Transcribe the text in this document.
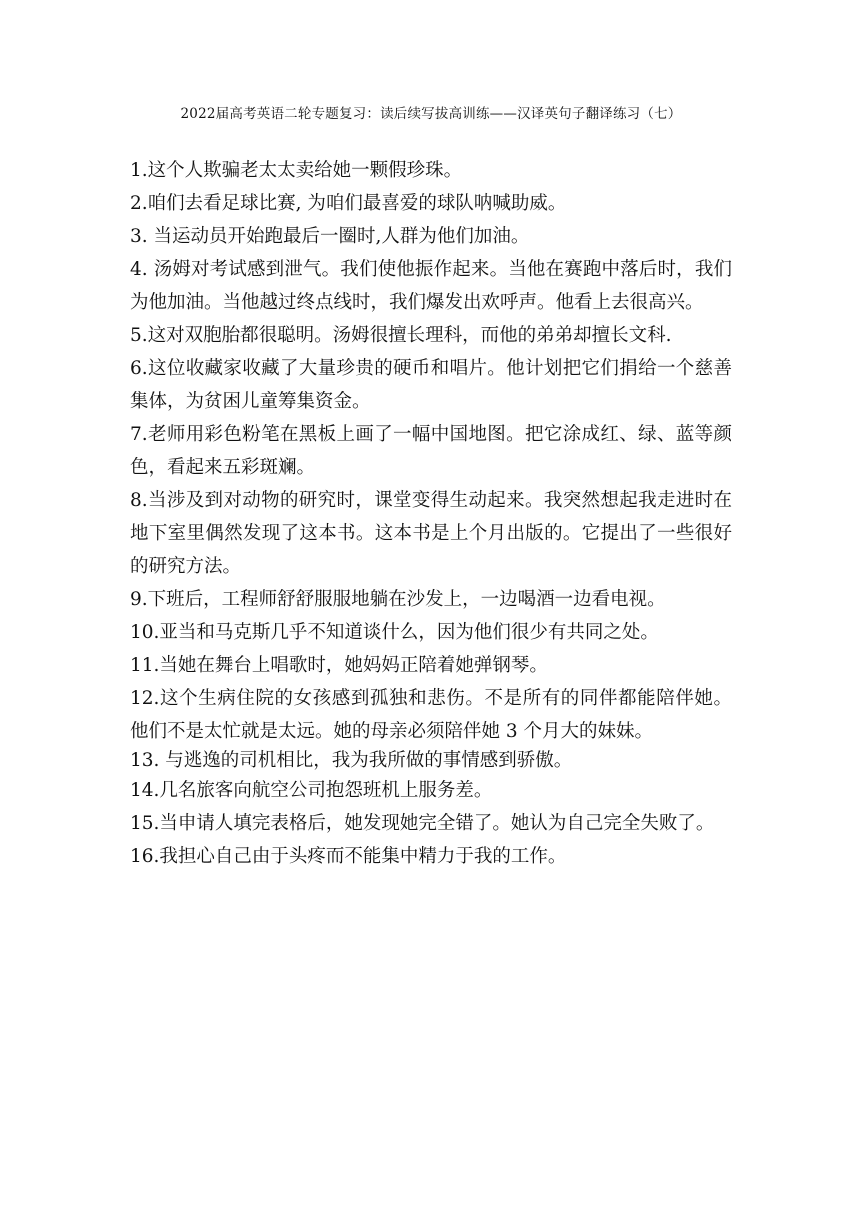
2022届高考英语二轮专题复习：读后续写拔高训练——汉译英句子翻译练习（七）

1.这个人欺骗老太太卖给她一颗假珍珠。

2.咱们去看足球比赛, 为咱们最喜爱的球队呐喊助威。

3. 当运动员开始跑最后一圈时,人群为他们加油。

4. 汤姆对考试感到泄气。我们使他振作起来。当他在赛跑中落后时，我们为他加油。当他越过终点线时，我们爆发出欢呼声。他看上去很高兴。

5.这对双胞胎都很聪明。汤姆很擅长理科，而他的弟弟却擅长文科.

6.这位收藏家收藏了大量珍贵的硬币和唱片。他计划把它们捐给一个慈善集体，为贫困儿童筹集资金。

7.老师用彩色粉笔在黑板上画了一幅中国地图。把它涂成红、绿、蓝等颜色，看起来五彩斑斓。

8.当涉及到对动物的研究时，课堂变得生动起来。我突然想起我走进时在地下室里偶然发现了这本书。这本书是上个月出版的。它提出了一些很好的研究方法。

9.下班后，工程师舒舒服服地躺在沙发上，一边喝酒一边看电视。

10.亚当和马克斯几乎不知道谈什么，因为他们很少有共同之处。

11.当她在舞台上唱歌时，她妈妈正陪着她弹钢琴。

12.这个生病住院的女孩感到孤独和悲伤。不是所有的同伴都能陪伴她。他们不是太忙就是太远。她的母亲必须陪伴她 3 个月大的妹妹。

13. 与逃逸的司机相比，我为我所做的事情感到骄傲。

14.几名旅客向航空公司抱怨班机上服务差。

15.当申请人填完表格后，她发现她完全错了。她认为自己完全失败了。

16.我担心自己由于头疼而不能集中精力于我的工作。
